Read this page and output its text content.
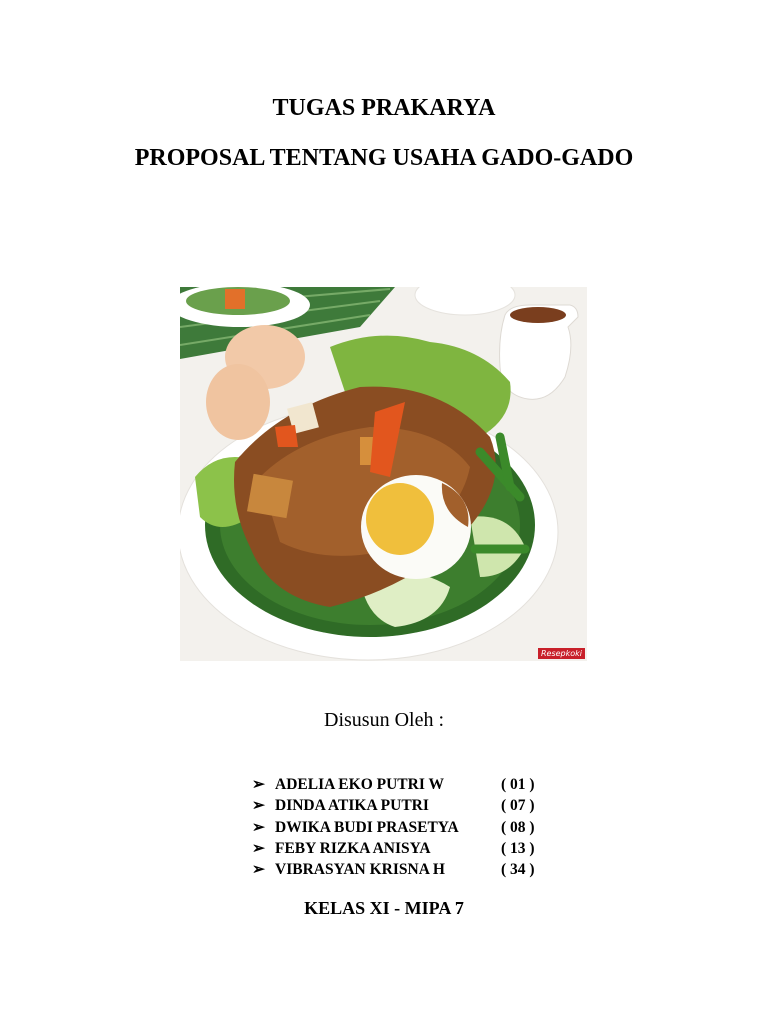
TUGAS PRAKARYA
PROPOSAL TENTANG USAHA GADO-GADO
Resepkoki
Disusun Oleh :
➢ ADELIA EKO PUTRI W	( 01 )
➢ DINDA ATIKA PUTRI	( 07 )
➢ DWIKA BUDI PRASETYA	( 08 )
➢ FEBY RIZKA ANISYA	( 13 )
➢ VIBRASYAN KRISNA H	( 34 )
KELAS XI - MIPA 7
